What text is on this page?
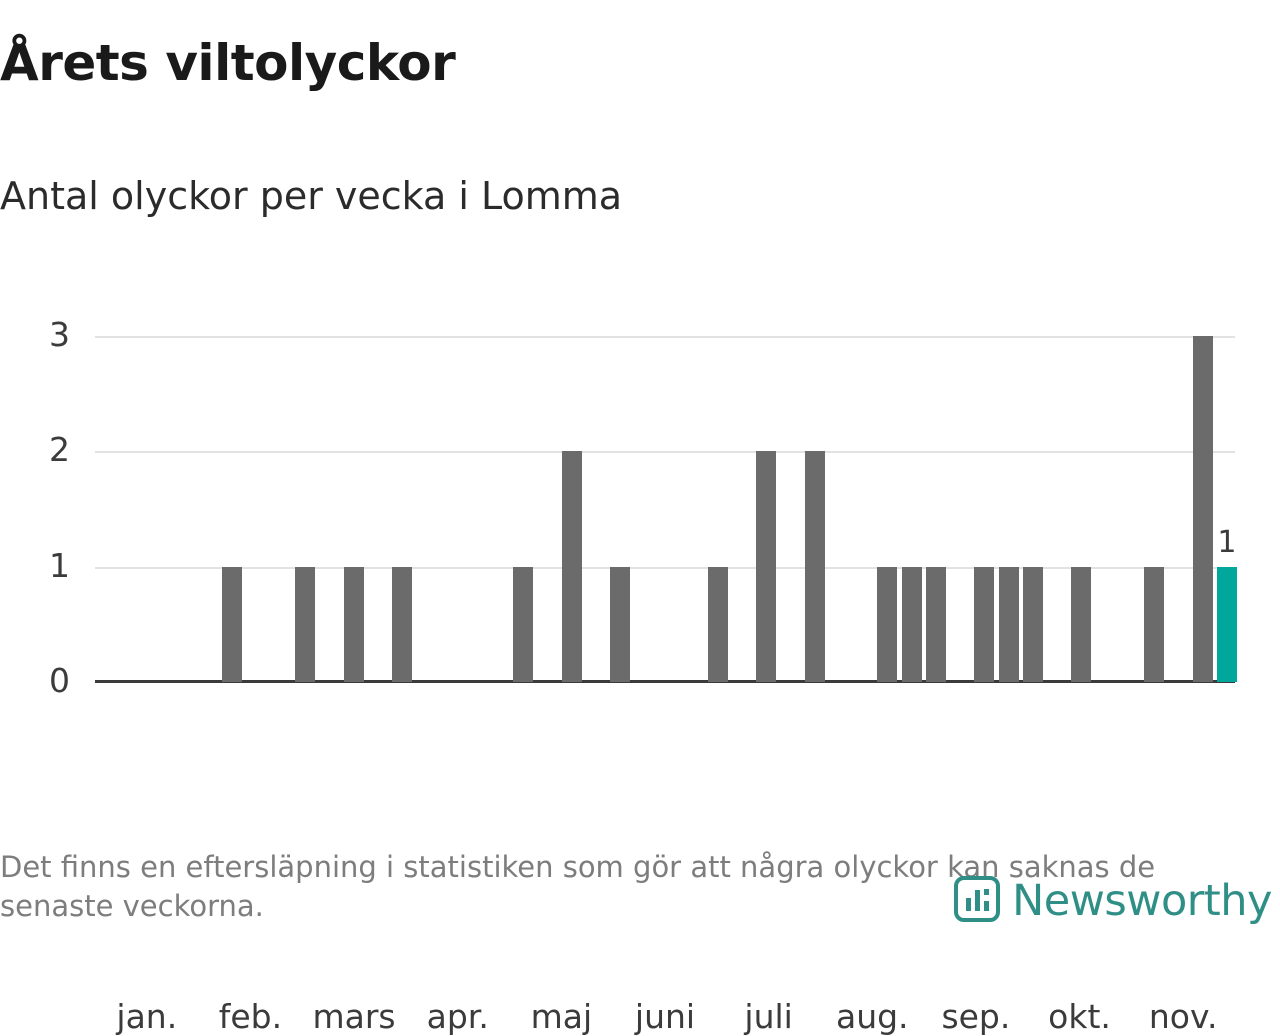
Årets viltolyckor
Antal olyckor per vecka i Lomma
1
0
1
2
3
jan.	feb. mars apr.	maj	juni	juli	aug. sep.	okt.	nov.
Det finns en eftersläpning i statistiken som gör att några olyckor kan saknas de senaste veckorna.	Newsworthy
